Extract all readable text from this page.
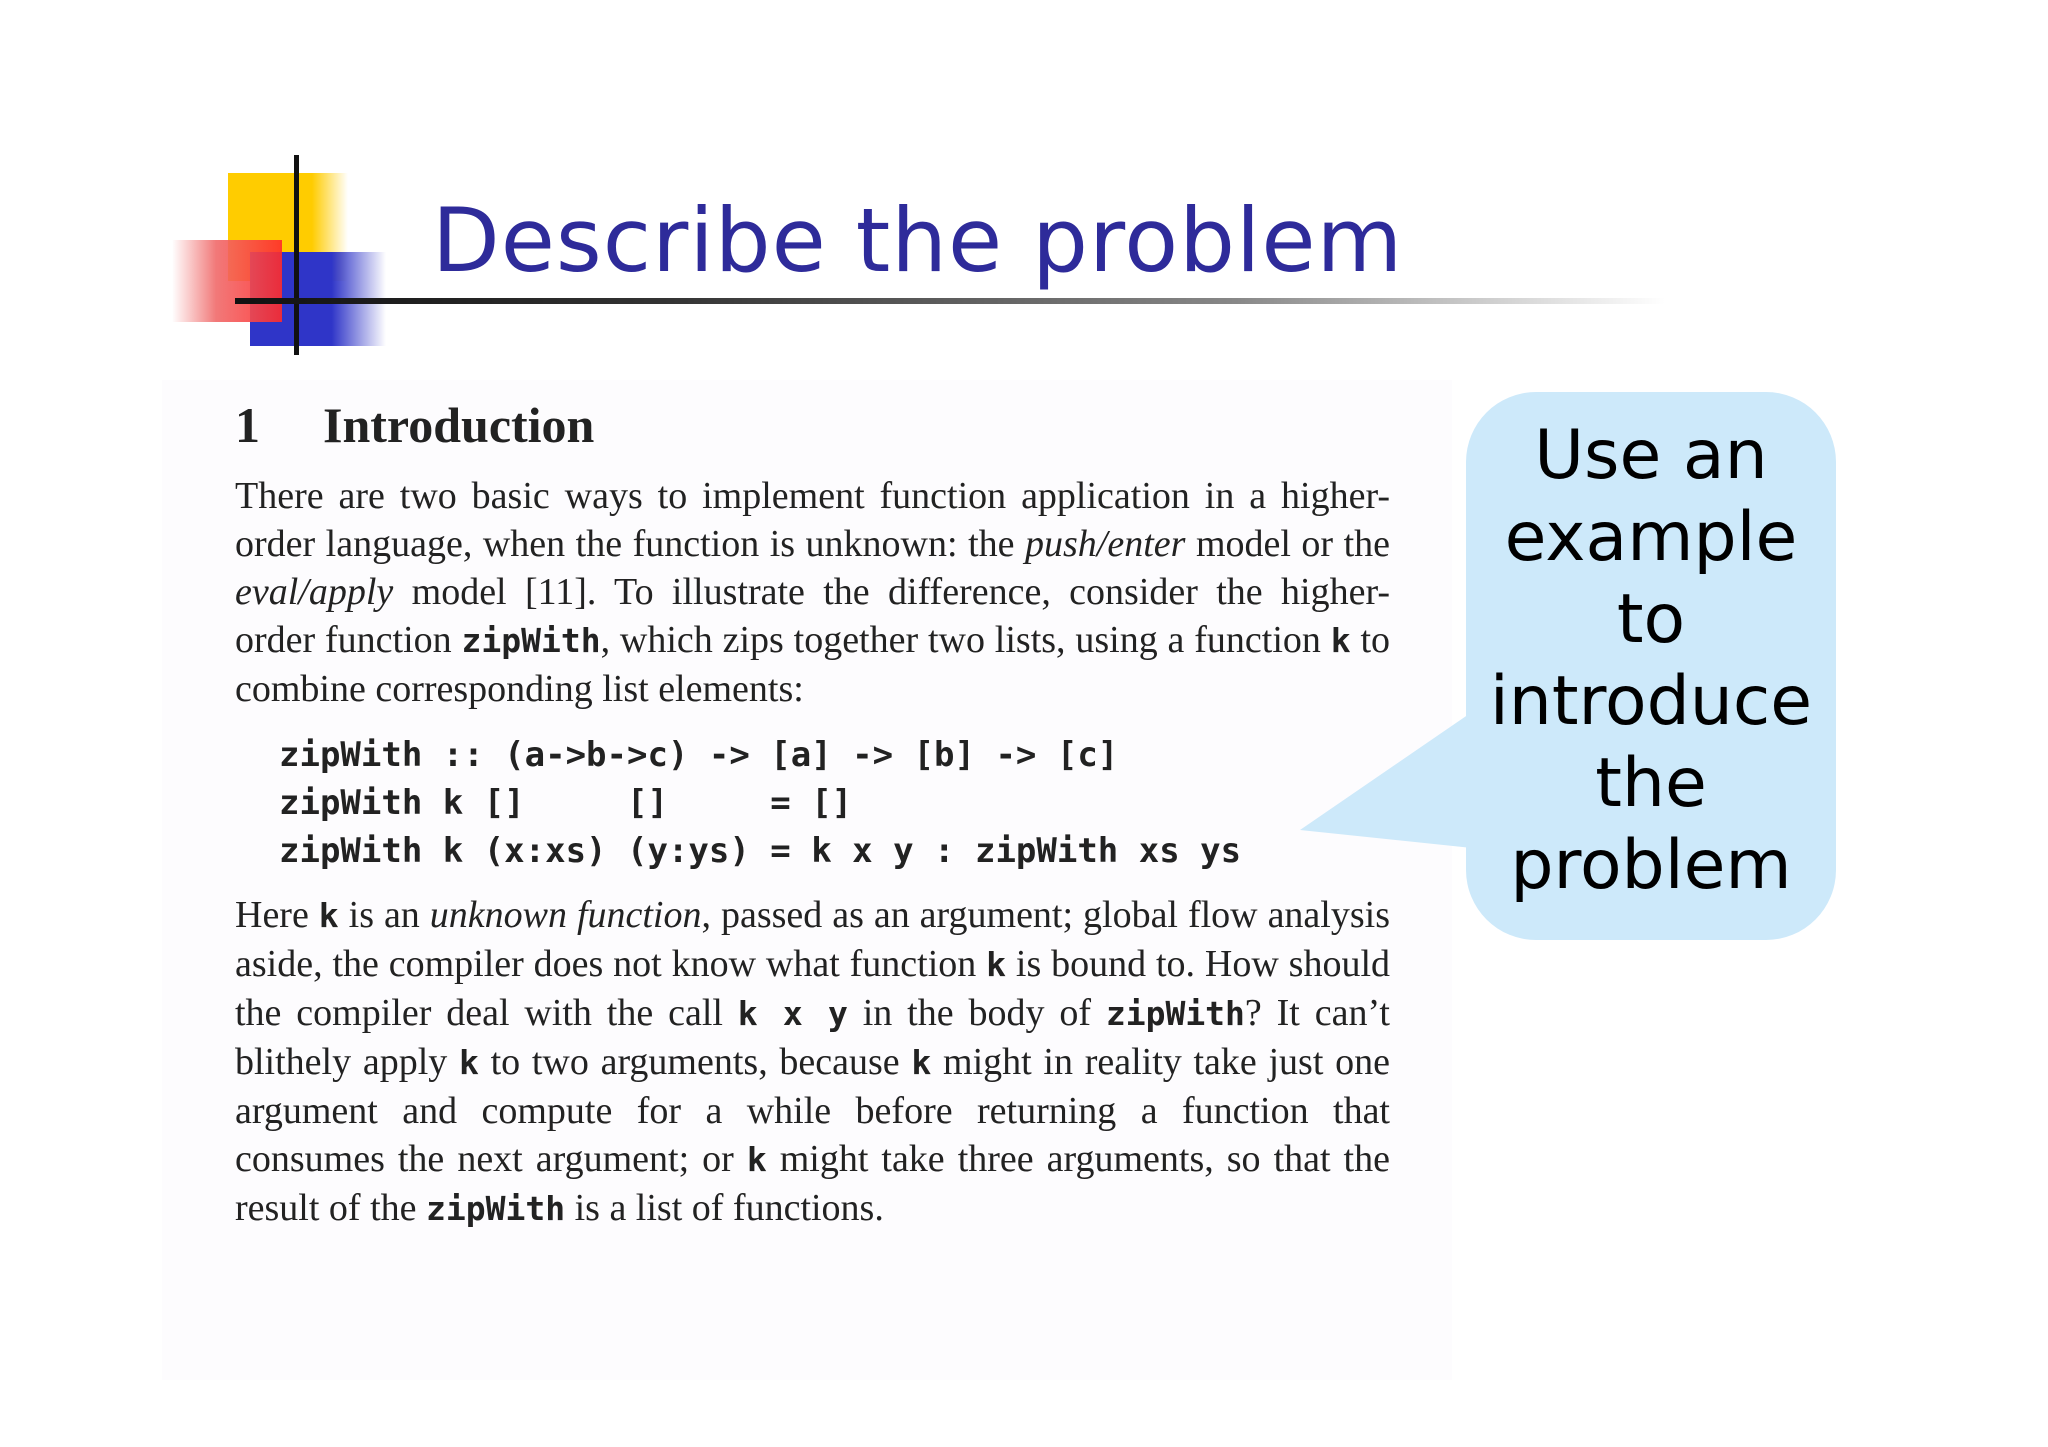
Describe the problem
1 Introduction

There are two basic ways to implement function application in a higher-order language, when the function is unknown: the push/enter model or the eval/apply model [11]. To illustrate the difference, consider the higher-order function zipWith, which zips together two lists, using a function k to combine corresponding list elements:

zipWith :: (a->b->c) -> [a] -> [b] -> [c]
zipWith k []     []     = []
zipWith k (x:xs) (y:ys) = k x y : zipWith xs ys

Here k is an unknown function, passed as an argument; global flow analysis aside, the compiler does not know what function k is bound to. How should the compiler deal with the call k x y in the body of zipWith? It can’t blithely apply k to two arguments, because k might in reality take just one argument and compute for a while before returning a function that consumes the next argument; or k might take three arguments, so that the result of the zipWith is a list of functions.

Use an
example
to
introduce
the
problem
